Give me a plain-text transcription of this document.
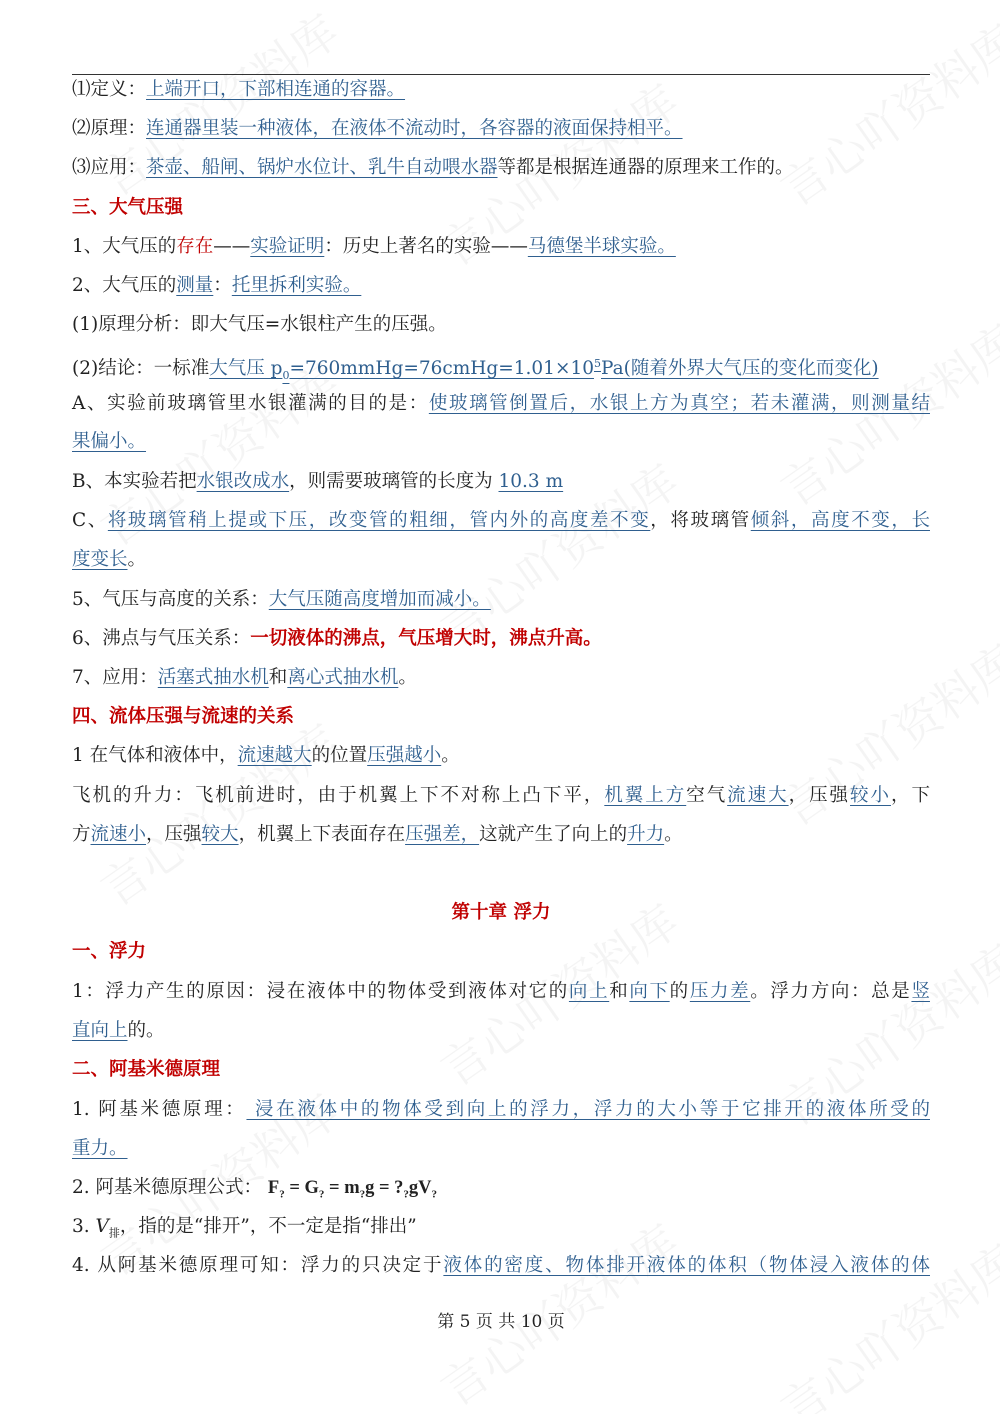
⑴定义：上端开口，下部相连通的容器。
⑵原理：连通器里装一种液体，在液体不流动时，各容器的液面保持相平。
⑶应用：茶壶、船闸、锅炉水位计、乳牛自动喂水器等都是根据连通器的原理来工作的。
三、大气压强
1、大气压的存在——实验证明：历史上著名的实验——马德堡半球实验。
2、大气压的测量：托里拆利实验。
(1)原理分析：即大气压=水银柱产生的压强。
(2)结论：一标准大气压 $p_0=760mmHg=76cmHg=1.01\times 10^5Pa$(随着外界大气压的变化而变化)
A、实验前玻璃管里水银灌满的目的是：使玻璃管倒置后，水银上方为真空；若未灌满，则测量结
果偏小。
B、本实验若把水银改成水，则需要玻璃管的长度为 10.3 m
C、将玻璃管稍上提或下压，改变管的粗细，管内外的高度差不变，将玻璃管倾斜，高度不变，长
度变长。
5、气压与高度的关系：大气压随高度增加而减小。
6、沸点与气压关系：一切液体的沸点，气压增大时，沸点升高。
7、应用：活塞式抽水机和离心式抽水机。
四、流体压强与流速的关系
1 在气体和液体中，流速越大的位置压强越小。
飞机的升力：飞机前进时，由于机翼上下不对称上凸下平，机翼上方空气流速大，压强较小，下
方流速小，压强较大，机翼上下表面存在压强差，这就产生了向上的升力。
第十章 浮力
一、浮力
1：浮力产生的原因：浸在液体中的物体受到液体对它的向上和向下的压力差。浮力方向：总是竖
直向上的。
二、阿基米德原理
1. 阿基米德原理： 浸在液体中的物体受到向上的浮力，浮力的大小等于它排开的液体所受的
重力。
2. 阿基米德原理公式： $F_? = G_? = m_?g$ = $?_?gV_?$
3. $V_排$，指的是“排开”，不一定是指“排出”
4. 从阿基米德原理可知：浮力的只决定于液体的密度、物体排开液体的体积（物体浸入液体的体
第 5 页 共 10 页
